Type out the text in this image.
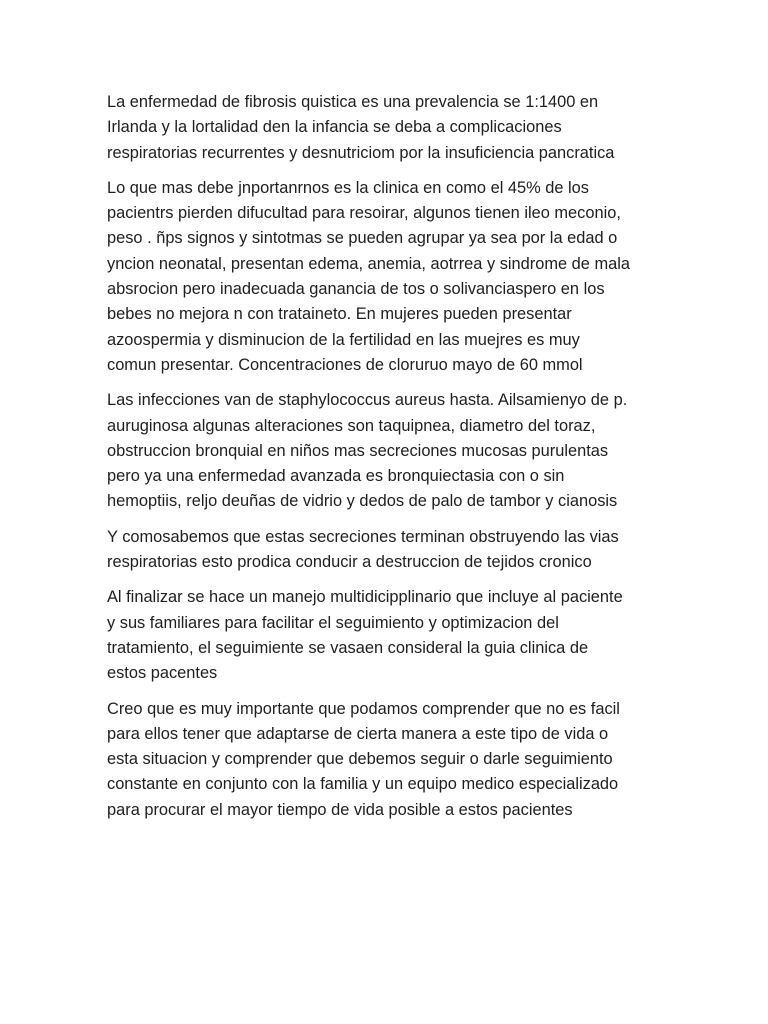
La enfermedad de fibrosis quistica es una prevalencia se 1:1400 en
Irlanda y la lortalidad den la infancia se deba a complicaciones
respiratorias recurrentes y desnutriciom por la insuficiencia pancratica

Lo que mas debe jnportanrnos es la clinica en como el 45% de los
pacientrs pierden difucultad para resoirar, algunos tienen ileo meconio,
peso . ñps signos y sintotmas se pueden agrupar ya sea por la edad o
yncion neonatal, presentan edema, anemia, aotrrea y sindrome de mala
absrocion pero inadecuada ganancia de tos o solivanciaspero en los
bebes no mejora n con trataineto. En mujeres pueden presentar
azoospermia y disminucion de la fertilidad en las muejres es muy
comun presentar. Concentraciones de cloruruo mayo de 60 mmol

Las infecciones van de staphylococcus aureus hasta. Ailsamienyo de p.
auruginosa algunas alteraciones son taquipnea, diametro del toraz,
obstruccion bronquial en niños mas secreciones mucosas purulentas
pero ya una enfermedad avanzada es bronquiectasia con o sin
hemoptiis, reljo deuñas de vidrio y dedos de palo de tambor y cianosis

Y comosabemos que estas secreciones terminan obstruyendo las vias
respiratorias esto prodica conducir a destruccion de tejidos cronico

Al finalizar se hace un manejo multidicipplinario que incluye al paciente
y sus familiares para facilitar el seguimiento y optimizacion del
tratamiento, el seguimiente se vasaen consideral la guia clinica de
estos pacentes

Creo que es muy importante que podamos comprender que no es facil
para ellos tener que adaptarse de cierta manera a este tipo de vida o
esta situacion y comprender que debemos seguir o darle seguimiento
constante en conjunto con la familia y un equipo medico especializado
para procurar el mayor tiempo de vida posible a estos pacientes
